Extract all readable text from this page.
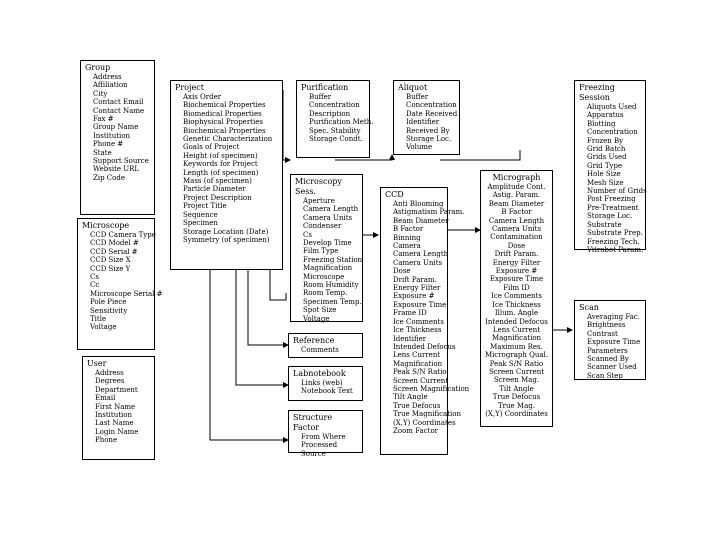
Group
Address
Affiliation
City
Contact Email
Contact Name
Fax #
Group Name
Institution
Phone #
State
Support Source
Website URL
Zip Code
Microscope
CCD Camera Type
CCD Model #
CCD Serial #
CCD Size X
CCD Size Y
Cs
Cc
Microscope Serial #
Pole Piece
Sensitivity
Title
Voltage
User
Address
Degrees
Department
Email
First Name
Institution
Last Name
Login Name
Phone
Project
Axis Order
Biochemical Properties
Biomedical Properties
Biophysical Properties
Biochemical Properties
Genetic Characterization
Goals of Project
Height (of specimen)
Keywords for Project
Length (of specimen)
Mass (of specimen)
Particle Diameter
Project Description
Project Title
Sequence
Specimen
Storage Location (Date)
Symmetry (of specimen)
Purification
Buffer
Concentration
Description
Purification Meth.
Spec. Stability
Storage Condt.
Aliquot
Buffer
Concentration
Date Received
Identifier
Received By
Storage Loc.
Volume
Freezing Session
Aliquots Used
Apparatus
Blotting
Concentration
Frozen By
Grid Batch
Grids Used
Grid Type
Hole Size
Mesh Size
Number of Grids
Post Freezing
Pre-Treatment
Storage Loc.
Substrate
Substrate Prep.
Freezing Tech.
Vitrobot Param.
Microscopy Sess.
Aperture
Camera Length
Camera Units
Condenser
Cs
Develop Time
Film Type
Freezing Station
Magnification
Microscope
Room Humidity
Room Temp.
Specimen Temp.
Spot Size
Voltage
CCD
Anti Blooming
Astigmatism Param.
Beam Diameter
B Factor
Binning
Camera
Camera Length
Camera Units
Dose
Drift Param.
Energy Filter
Exposure #
Exposure Time
Frame ID
Ice Comments
Ice Thickness
Identifier
Intended Defocus
Lens Current
Magnification
Peak S/N Ratio
Screen Current
Screen Magnification
Tilt Angle
True Defocus
True Magnification
(X,Y) Coordinates
Zoom Factor
Micrograph
Amplitude Cont.
Astig. Param.
Beam Diameter
B Factor
Camera Length
Camera Units
Contamination
Dose
Drift Param.
Energy Filter
Exposure #
Exposure Time
Film ID
Ice Comments
Ice Thickness
Illum. Angle
Intended Defocus
Lens Current
Magnification
Maximum Res.
Micrograph Qual.
Peak S/N Ratio
Screen Current
Screen Mag.
Tilt Angle
True Defocus
True Mag.
(X,Y) Coordinates
Scan
Averaging Fac.
Brightness
Contrast
Exposure Time
Parameters
Scanned By
Scanner Used
Scan Step
Reference
Comments
Labnotebook
Links (web)
Notebook Text
Structure Factor
From Where
Processed
Source
